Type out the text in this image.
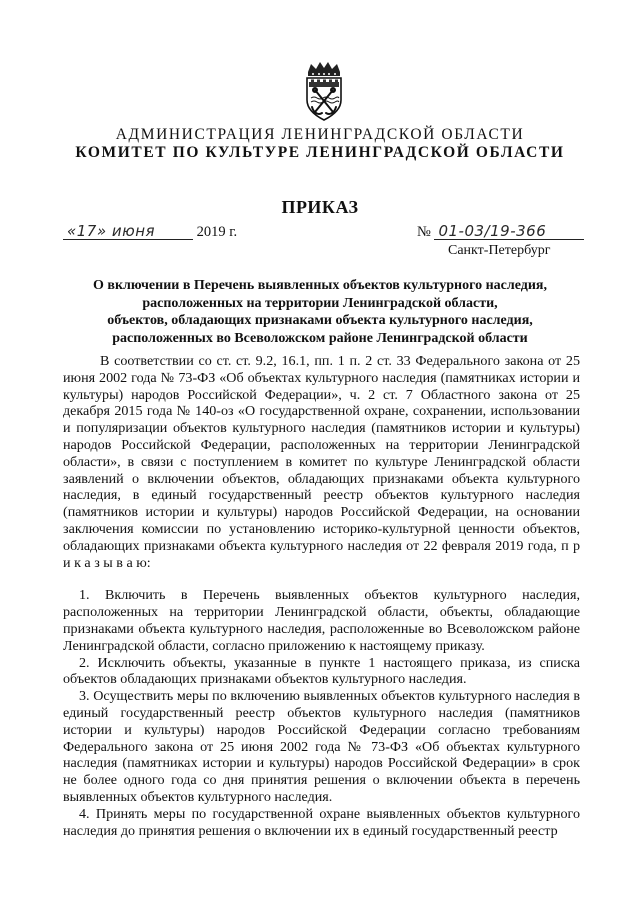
АДМИНИСТРАЦИЯ ЛЕНИНГРАДСКОЙ ОБЛАСТИ
КОМИТЕТ ПО КУЛЬТУРЕ ЛЕНИНГРАДСКОЙ ОБЛАСТИ
ПРИКАЗ
«17» июня	2019 г.	№ 01-03/19-366
Санкт-Петербург
О включении в Перечень выявленных объектов культурного наследия,
расположенных на территории Ленинградской области,
объектов, обладающих признаками объекта культурного наследия,
расположенных во Всеволожском районе Ленинградской области
В соответствии со ст. ст. 9.2, 16.1, пп. 1 п. 2 ст. 33 Федерального закона от 25 июня 2002 года № 73-ФЗ «Об объектах культурного наследия (памятниках истории и культуры) народов Российской Федерации», ч. 2 ст. 7 Областного закона от 25 декабря 2015 года № 140-оз «О государственной охране, сохранении, использовании и популяризации объектов культурного наследия (памятников истории и культуры) народов Российской Федерации, расположенных на территории Ленинградской области», в связи с поступлением в комитет по культуре Ленинградской области заявлений о включении объектов, обладающих признаками объекта культурного наследия, в единый государственный реестр объектов культурного наследия (памятников истории и культуры) народов Российской Федерации, на основании заключения комиссии по установлению историко-культурной ценности объектов, обладающих признаками объекта культурного наследия от 22 февраля 2019 года, п р и к а з ы в а ю:
1. Включить в Перечень выявленных объектов культурного наследия, расположенных на территории Ленинградской области, объекты, обладающие признаками объекта культурного наследия, расположенные во Всеволожском районе Ленинградской области, согласно приложению к настоящему приказу.
2. Исключить объекты, указанные в пункте 1 настоящего приказа, из списка объектов обладающих признаками объектов культурного наследия.
3. Осуществить меры по включению выявленных объектов культурного наследия в единый государственный реестр объектов культурного наследия (памятников истории и культуры) народов Российской Федерации согласно требованиям Федерального закона от 25 июня 2002 года № 73-ФЗ «Об объектах культурного наследия (памятниках истории и культуры) народов Российской Федерации» в срок не более одного года со дня принятия решения о включении объекта в перечень выявленных объектов культурного наследия.
4. Принять меры по государственной охране выявленных объектов культурного наследия до принятия решения о включении их в единый государственный реестр
